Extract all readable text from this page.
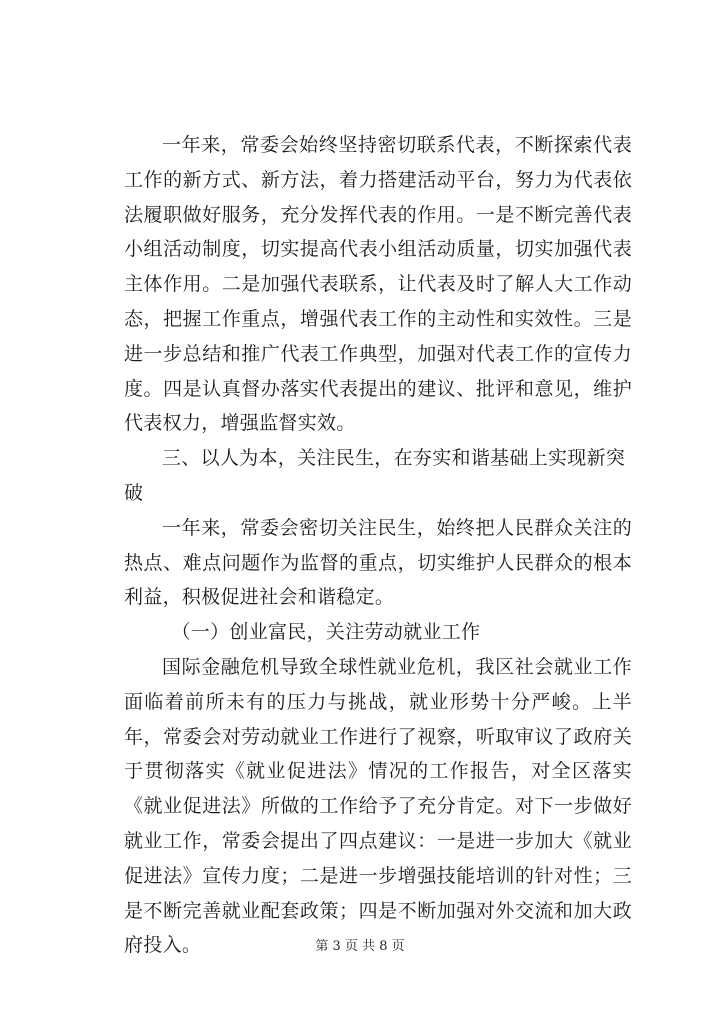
一年来，常委会始终坚持密切联系代表，不断探索代表工作的新方式、新方法，着力搭建活动平台，努力为代表依法履职做好服务，充分发挥代表的作用。一是不断完善代表小组活动制度，切实提高代表小组活动质量，切实加强代表主体作用。二是加强代表联系，让代表及时了解人大工作动态，把握工作重点，增强代表工作的主动性和实效性。三是进一步总结和推广代表工作典型，加强对代表工作的宣传力度。四是认真督办落实代表提出的建议、批评和意见，维护代表权力，增强监督实效。

三、以人为本，关注民生，在夯实和谐基础上实现新突破

一年来，常委会密切关注民生，始终把人民群众关注的热点、难点问题作为监督的重点，切实维护人民群众的根本利益，积极促进社会和谐稳定。

（一）创业富民，关注劳动就业工作

国际金融危机导致全球性就业危机，我区社会就业工作面临着前所未有的压力与挑战，就业形势十分严峻。上半年，常委会对劳动就业工作进行了视察，听取审议了政府关于贯彻落实《就业促进法》情况的工作报告，对全区落实《就业促进法》所做的工作给予了充分肯定。对下一步做好就业工作，常委会提出了四点建议：一是进一步加大《就业促进法》宣传力度；二是进一步增强技能培训的针对性；三是不断完善就业配套政策；四是不断加强对外交流和加大政府投入。	第 3 页 共 8 页
